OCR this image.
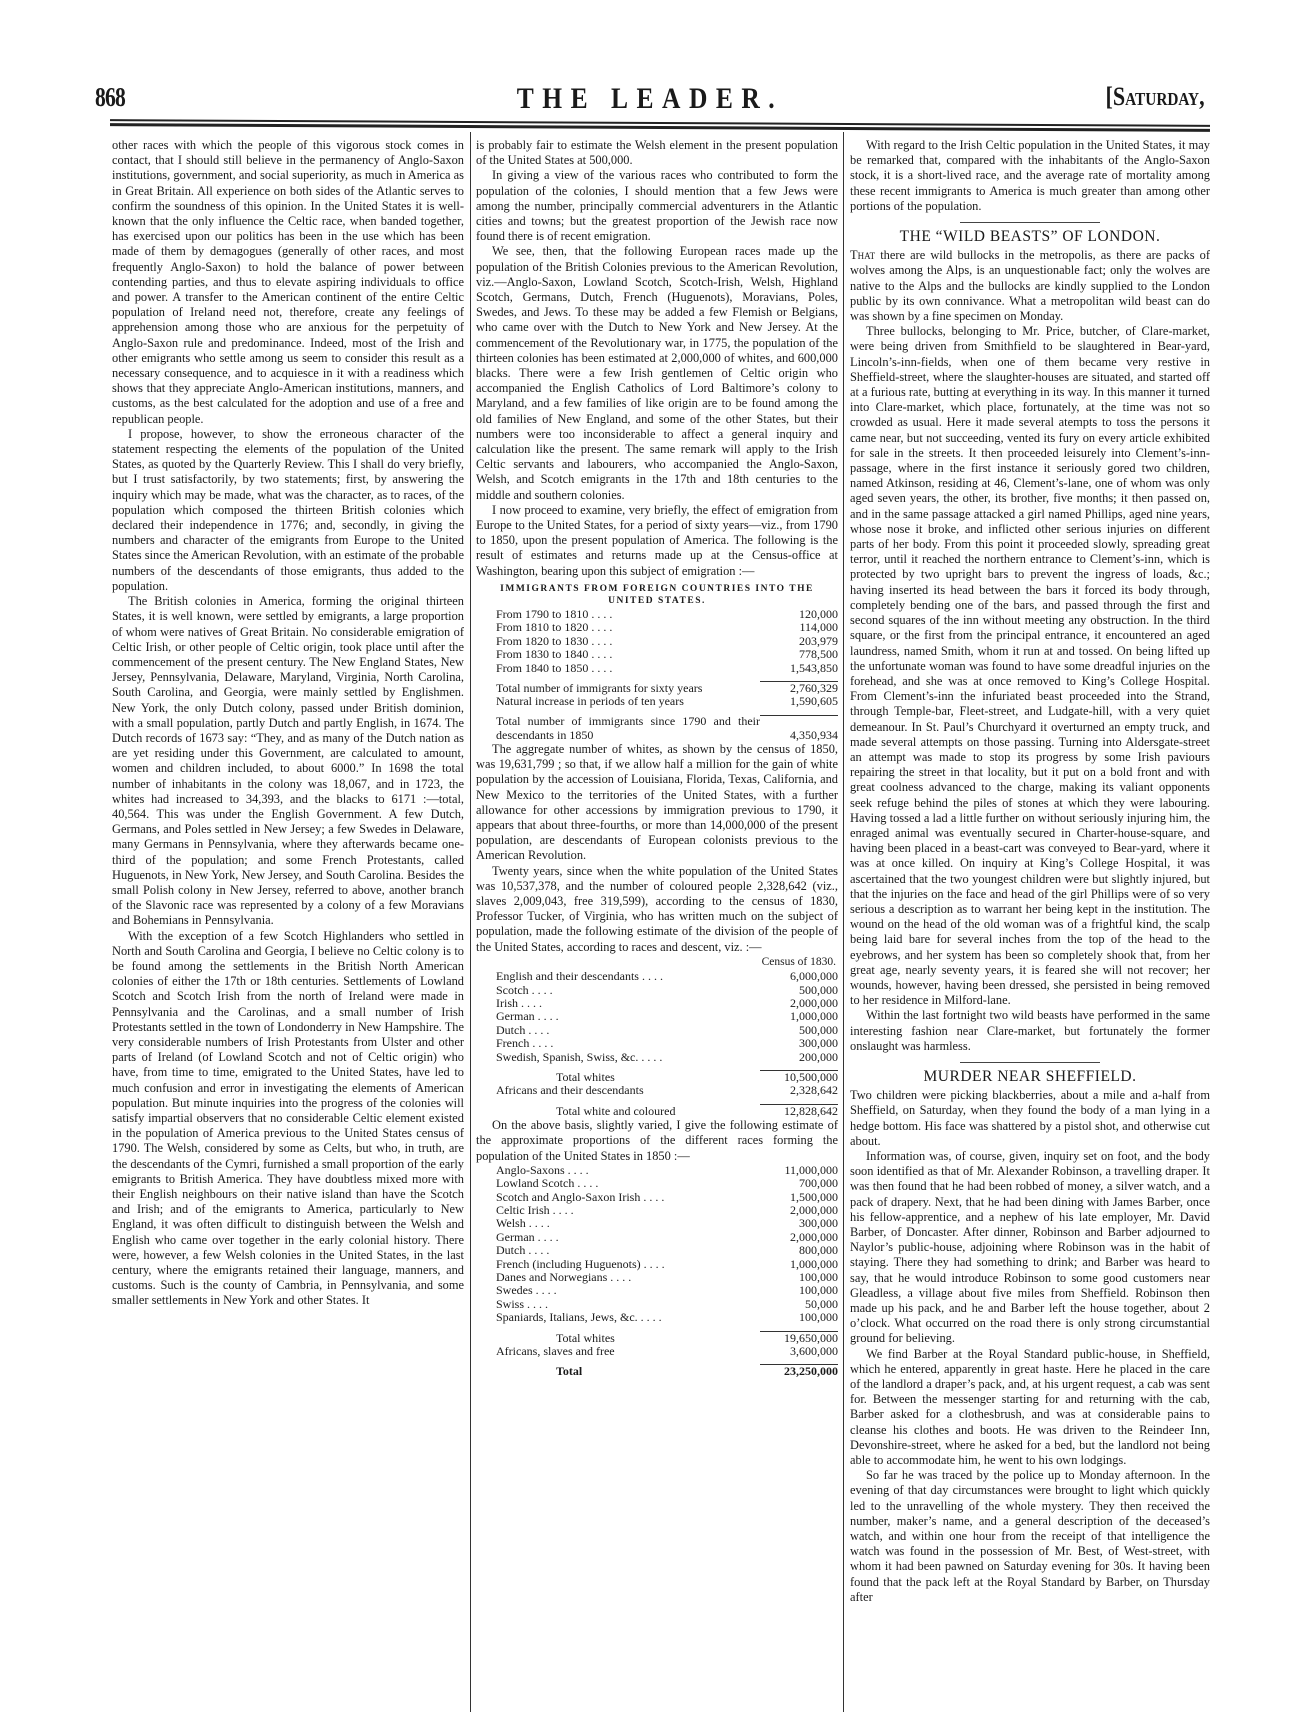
868	THE LEADER.	[Saturday,

other races with which the people of this vigorous stock comes in contact, that I should still believe in the permanency of Anglo-Saxon institutions, government, and social superiority, as much in America as in Great Britain. All experience on both sides of the Atlantic serves to confirm the soundness of this opinion. In the United States it is well-known that the only influence the Celtic race, when banded together, has exercised upon our politics has been in the use which has been made of them by demagogues (generally of other races, and most frequently Anglo-Saxon) to hold the balance of power between contending parties, and thus to elevate aspiring individuals to office and power. A transfer to the American continent of the entire Celtic population of Ireland need not, therefore, create any feelings of apprehension among those who are anxious for the perpetuity of Anglo-Saxon rule and predominance. Indeed, most of the Irish and other emigrants who settle among us seem to consider this result as a necessary consequence, and to acquiesce in it with a readiness which shows that they appreciate Anglo-American institutions, manners, and customs, as the best calculated for the adoption and use of a free and republican people.

I propose, however, to show the erroneous character of the statement respecting the elements of the population of the United States, as quoted by the Quarterly Review. This I shall do very briefly, but I trust satisfactorily, by two statements; first, by answering the inquiry which may be made, what was the character, as to races, of the population which composed the thirteen British colonies which declared their independence in 1776; and, secondly, in giving the numbers and character of the emigrants from Europe to the United States since the American Revolution, with an estimate of the probable numbers of the descendants of those emigrants, thus added to the population.

The British colonies in America, forming the original thirteen States, it is well known, were settled by emigrants, a large proportion of whom were natives of Great Britain. No considerable emigration of Celtic Irish, or other people of Celtic origin, took place until after the commencement of the present century. The New England States, New Jersey, Pennsylvania, Delaware, Maryland, Virginia, North Carolina, South Carolina, and Georgia, were mainly settled by Englishmen. New York, the only Dutch colony, passed under British dominion, with a small population, partly Dutch and partly English, in 1674. The Dutch records of 1673 say: “They, and as many of the Dutch nation as are yet residing under this Government, are calculated to amount, women and children included, to about 6000.” In 1698 the total number of inhabitants in the colony was 18,067, and in 1723, the whites had increased to 34,393, and the blacks to 6171 :—total, 40,564. This was under the English Government. A few Dutch, Germans, and Poles settled in New Jersey; a few Swedes in Delaware, many Germans in Pennsylvania, where they afterwards became one-third of the population; and some French Protestants, called Huguenots, in New York, New Jersey, and South Carolina. Besides the small Polish colony in New Jersey, referred to above, another branch of the Slavonic race was represented by a colony of a few Moravians and Bohemians in Pennsylvania.

With the exception of a few Scotch Highlanders who settled in North and South Carolina and Georgia, I believe no Celtic colony is to be found among the settlements in the British North American colonies of either the 17th or 18th centuries. Settlements of Lowland Scotch and Scotch Irish from the north of Ireland were made in Pennsylvania and the Carolinas, and a small number of Irish Protestants settled in the town of Londonderry in New Hampshire. The very considerable numbers of Irish Protestants from Ulster and other parts of Ireland (of Lowland Scotch and not of Celtic origin) who have, from time to time, emigrated to the United States, have led to much confusion and error in investigating the elements of American population. But minute inquiries into the progress of the colonies will satisfy impartial observers that no considerable Celtic element existed in the population of America previous to the United States census of 1790. The Welsh, considered by some as Celts, but who, in truth, are the descendants of the Cymri, furnished a small proportion of the early emigrants to British America. They have doubtless mixed more with their English neighbours on their native island than have the Scotch and Irish; and of the emigrants to America, particularly to New England, it was often difficult to distinguish between the Welsh and English who came over together in the early colonial history. There were, however, a few Welsh colonies in the United States, in the last century, where the emigrants retained their language, manners, and customs. Such is the county of Cambria, in Pennsylvania, and some smaller settlements in New York and other States. It

is probably fair to estimate the Welsh element in the present population of the United States at 500,000.

In giving a view of the various races who contributed to form the population of the colonies, I should mention that a few Jews were among the number, principally commercial adventurers in the Atlantic cities and towns; but the greatest proportion of the Jewish race now found there is of recent emigration.

We see, then, that the following European races made up the population of the British Colonies previous to the American Revolution, viz.—Anglo-Saxon, Lowland Scotch, Scotch-Irish, Welsh, Highland Scotch, Germans, Dutch, French (Huguenots), Moravians, Poles, Swedes, and Jews. To these may be added a few Flemish or Belgians, who came over with the Dutch to New York and New Jersey. At the commencement of the Revolutionary war, in 1775, the population of the thirteen colonies has been estimated at 2,000,000 of whites, and 600,000 blacks. There were a few Irish gentlemen of Celtic origin who accompanied the English Catholics of Lord Baltimore’s colony to Maryland, and a few families of like origin are to be found among the old families of New England, and some of the other States, but their numbers were too inconsiderable to affect a general inquiry and calculation like the present. The same remark will apply to the Irish Celtic servants and labourers, who accompanied the Anglo-Saxon, Welsh, and Scotch emigrants in the 17th and 18th centuries to the middle and southern colonies.

I now proceed to examine, very briefly, the effect of emigration from Europe to the United States, for a period of sixty years—viz., from 1790 to 1850, upon the present population of America. The following is the result of estimates and returns made up at the Census-office at Washington, bearing upon this subject of emigration :—

IMMIGRANTS FROM FOREIGN COUNTRIES INTO THE UNITED STATES.
From 1790 to 1810 . . . .	120,000
From 1810 to 1820 . . . .	114,000
From 1820 to 1830 . . . .	203,979
From 1830 to 1840 . . . .	778,500
From 1840 to 1850 . . . .	1,543,850

Total number of immigrants for sixty years	2,760,329
Natural increase in periods of ten years	1,590,605

Total number of immigrants since 1790 and their descendants in 1850	4,350,934

The aggregate number of whites, as shown by the census of 1850, was 19,631,799 ; so that, if we allow half a million for the gain of white population by the accession of Louisiana, Florida, Texas, California, and New Mexico to the territories of the United States, with a further allowance for other accessions by immigration previous to 1790, it appears that about three-fourths, or more than 14,000,000 of the present population, are descendants of European colonists previous to the American Revolution.

Twenty years, since when the white population of the United States was 10,537,378, and the number of coloured people 2,328,642 (viz., slaves 2,009,043, free 319,599), according to the census of 1830, Professor Tucker, of Virginia, who has written much on the subject of population, made the following estimate of the division of the people of the United States, according to races and descent, viz. :—

Census of 1830.
English and their descendants . . . .	6,000,000
Scotch . . . .	500,000
Irish . . . .	2,000,000
German . . . .	1,000,000
Dutch . . . .	500,000
French . . . .	300,000
Swedish, Spanish, Swiss, &c. . . . .	200,000

Total whites	10,500,000
Africans and their descendants	2,328,642

Total white and coloured	12,828,642

On the above basis, slightly varied, I give the following estimate of the approximate proportions of the different races forming the population of the United States in 1850 :—

Anglo-Saxons . . . .	11,000,000
Lowland Scotch . . . .	700,000
Scotch and Anglo-Saxon Irish . . . .	1,500,000
Celtic Irish . . . .	2,000,000
Welsh . . . .	300,000
German . . . .	2,000,000
Dutch . . . .	800,000
French (including Huguenots) . . . .	1,000,000
Danes and Norwegians . . . .	100,000
Swedes . . . .	100,000
Swiss . . . .	50,000
Spaniards, Italians, Jews, &c. . . . .	100,000

Total whites	19,650,000
Africans, slaves and free	3,600,000

Total	23,250,000

With regard to the Irish Celtic population in the United States, it may be remarked that, compared with the inhabitants of the Anglo-Saxon stock, it is a short-lived race, and the average rate of mortality among these recent immigrants to America is much greater than among other portions of the population.

THE “WILD BEASTS” OF LONDON.

That there are wild bullocks in the metropolis, as there are packs of wolves among the Alps, is an unquestionable fact; only the wolves are native to the Alps and the bullocks are kindly supplied to the London public by its own connivance. What a metropolitan wild beast can do was shown by a fine specimen on Monday.

Three bullocks, belonging to Mr. Price, butcher, of Clare-market, were being driven from Smithfield to be slaughtered in Bear-yard, Lincoln’s-inn-fields, when one of them became very restive in Sheffield-street, where the slaughter-houses are situated, and started off at a furious rate, butting at everything in its way. In this manner it turned into Clare-market, which place, fortunately, at the time was not so crowded as usual. Here it made several atempts to toss the persons it came near, but not succeeding, vented its fury on every article exhibited for sale in the streets. It then proceeded leisurely into Clement’s-inn-passage, where in the first instance it seriously gored two children, named Atkinson, residing at 46, Clement’s-lane, one of whom was only aged seven years, the other, its brother, five months; it then passed on, and in the same passage attacked a girl named Phillips, aged nine years, whose nose it broke, and inflicted other serious injuries on different parts of her body. From this point it proceeded slowly, spreading great terror, until it reached the northern entrance to Clement’s-inn, which is protected by two upright bars to prevent the ingress of loads, &c.; having inserted its head between the bars it forced its body through, completely bending one of the bars, and passed through the first and second squares of the inn without meeting any obstruction. In the third square, or the first from the principal entrance, it encountered an aged laundress, named Smith, whom it run at and tossed. On being lifted up the unfortunate woman was found to have some dreadful injuries on the forehead, and she was at once removed to King’s College Hospital. From Clement’s-inn the infuriated beast proceeded into the Strand, through Temple-bar, Fleet-street, and Ludgate-hill, with a very quiet demeanour. In St. Paul’s Churchyard it overturned an empty truck, and made several attempts on those passing. Turning into Aldersgate-street an attempt was made to stop its progress by some Irish paviours repairing the street in that locality, but it put on a bold front and with great coolness advanced to the charge, making its valiant opponents seek refuge behind the piles of stones at which they were labouring. Having tossed a lad a little further on without seriously injuring him, the enraged animal was eventually secured in Charter-house-square, and having been placed in a beast-cart was conveyed to Bear-yard, where it was at once killed. On inquiry at King’s College Hospital, it was ascertained that the two youngest children were but slightly injured, but that the injuries on the face and head of the girl Phillips were of so very serious a description as to warrant her being kept in the institution. The wound on the head of the old woman was of a frightful kind, the scalp being laid bare for several inches from the top of the head to the eyebrows, and her system has been so completely shook that, from her great age, nearly seventy years, it is feared she will not recover; her wounds, however, having been dressed, she persisted in being removed to her residence in Milford-lane.

Within the last fortnight two wild beasts have performed in the same interesting fashion near Clare-market, but fortunately the former onslaught was harmless.

MURDER NEAR SHEFFIELD.

Two children were picking blackberries, about a mile and a-half from Sheffield, on Saturday, when they found the body of a man lying in a hedge bottom. His face was shattered by a pistol shot, and otherwise cut about.

Information was, of course, given, inquiry set on foot, and the body soon identified as that of Mr. Alexander Robinson, a travelling draper. It was then found that he had been robbed of money, a silver watch, and a pack of drapery. Next, that he had been dining with James Barber, once his fellow-apprentice, and a nephew of his late employer, Mr. David Barber, of Doncaster. After dinner, Robinson and Barber adjourned to Naylor’s public-house, adjoining where Robinson was in the habit of staying. There they had something to drink; and Barber was heard to say, that he would introduce Robinson to some good customers near Gleadless, a village about five miles from Sheffield. Robinson then made up his pack, and he and Barber left the house together, about 2 o’clock. What occurred on the road there is only strong circumstantial ground for believing.

We find Barber at the Royal Standard public-house, in Sheffield, which he entered, apparently in great haste. Here he placed in the care of the landlord a draper’s pack, and, at his urgent request, a cab was sent for. Between the messenger starting for and returning with the cab, Barber asked for a clothesbrush, and was at considerable pains to cleanse his clothes and boots. He was driven to the Reindeer Inn, Devonshire-street, where he asked for a bed, but the landlord not being able to accommodate him, he went to his own lodgings.

So far he was traced by the police up to Monday afternoon. In the evening of that day circumstances were brought to light which quickly led to the unravelling of the whole mystery. They then received the number, maker’s name, and a general description of the deceased’s watch, and within one hour from the receipt of that intelligence the watch was found in the possession of Mr. Best, of West-street, with whom it had been pawned on Saturday evening for 30s. It having been found that the pack left at the Royal Standard by Barber, on Thursday after
